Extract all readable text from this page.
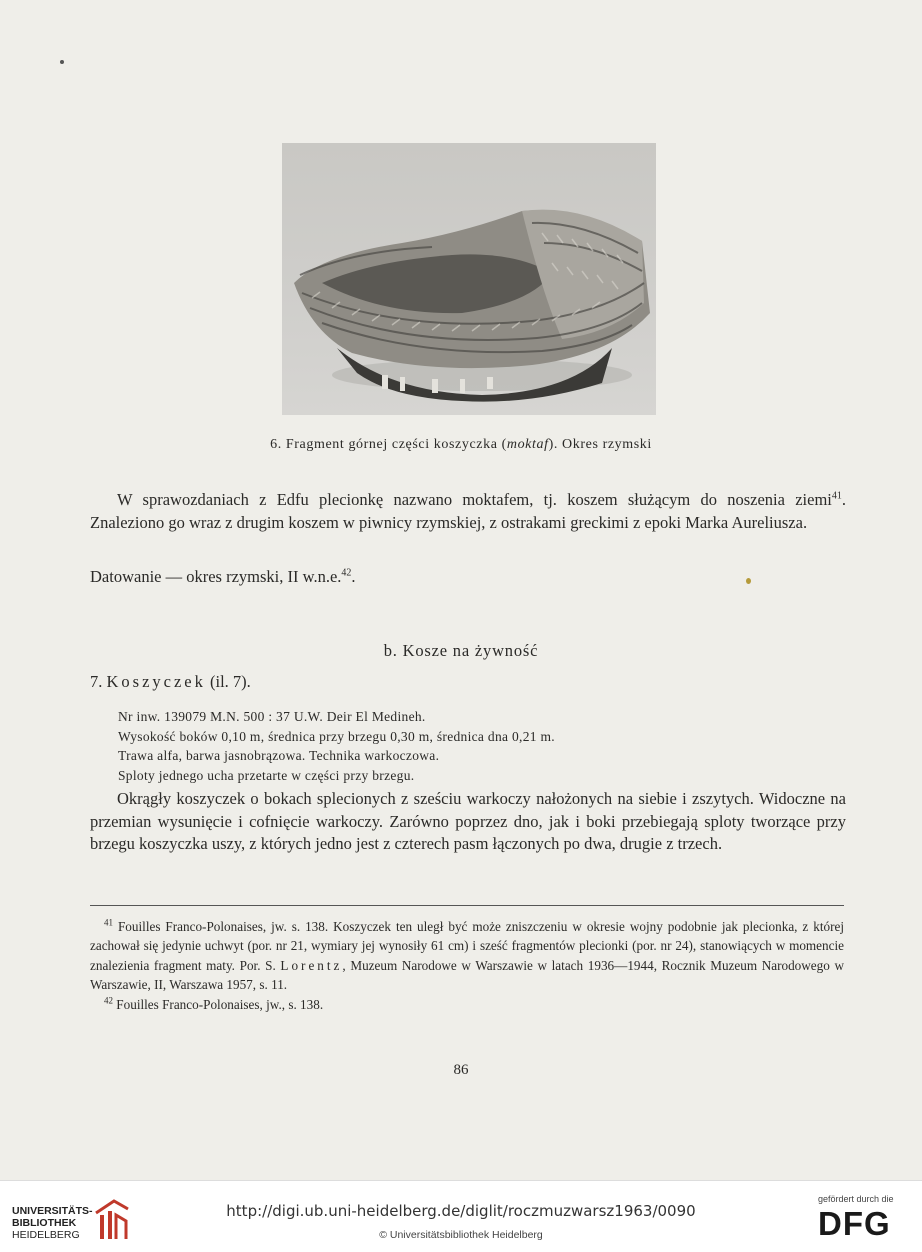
6. Fragment górnej części koszyczka (moktaf). Okres rzymski
W sprawozdaniach z Edfu plecionkę nazwano moktafem, tj. koszem służącym do noszenia ziemi$^{41}$. Znaleziono go wraz z drugim koszem w piwnicy rzymskiej, z ostrakami greckimi z epoki Marka Aureliusza.
Datowanie — okres rzymski, II w.n.e.$^{42}$.
b. Kosze na żywność
7. Koszyczek (il. 7).
Nr inw. 139079 M.N. 500 : 37 U.W. Deir El Medineh.
Wysokość boków 0,10 m, średnica przy brzegu 0,30 m, średnica dna 0,21 m.
Trawa alfa, barwa jasnobrązowa. Technika warkoczowa.
Sploty jednego ucha przetarte w części przy brzegu.
Okrągły koszyczek o bokach splecionych z sześciu warkoczy nałożonych na siebie i zszytych. Widoczne na przemian wysunięcie i cofnięcie warkoczy. Zarówno poprzez dno, jak i boki przebiegają sploty tworzące przy brzegu koszyczka uszy, z których jedno jest z czterech pasm łączonych po dwa, drugie z trzech.
$^{41}$ Fouilles Franco-Polonaises, jw. s. 138. Koszyczek ten uległ być może zniszczeniu w okresie wojny podobnie jak plecionka, z której zachował się jedynie uchwyt (por. nr 21, wymiary jej wynosiły 61 cm) i sześć fragmentów plecionki (por. nr 24), stanowiących w momencie znalezienia fragment maty. Por. S. Lorentz, Muzeum Narodowe w Warszawie w latach 1936—1944, Rocznik Muzeum Narodowego w Warszawie, II, Warszawa 1957, s. 11.
$^{42}$ Fouilles Franco-Polonaises, jw., s. 138.
86
UNIVERSITÄTS-
BIBLIOTHEK
HEIDELBERG
http://digi.ub.uni-heidelberg.de/diglit/roczmuzwarsz1963/0090
© Universitätsbibliothek Heidelberg
gefördert durch die
DFG
